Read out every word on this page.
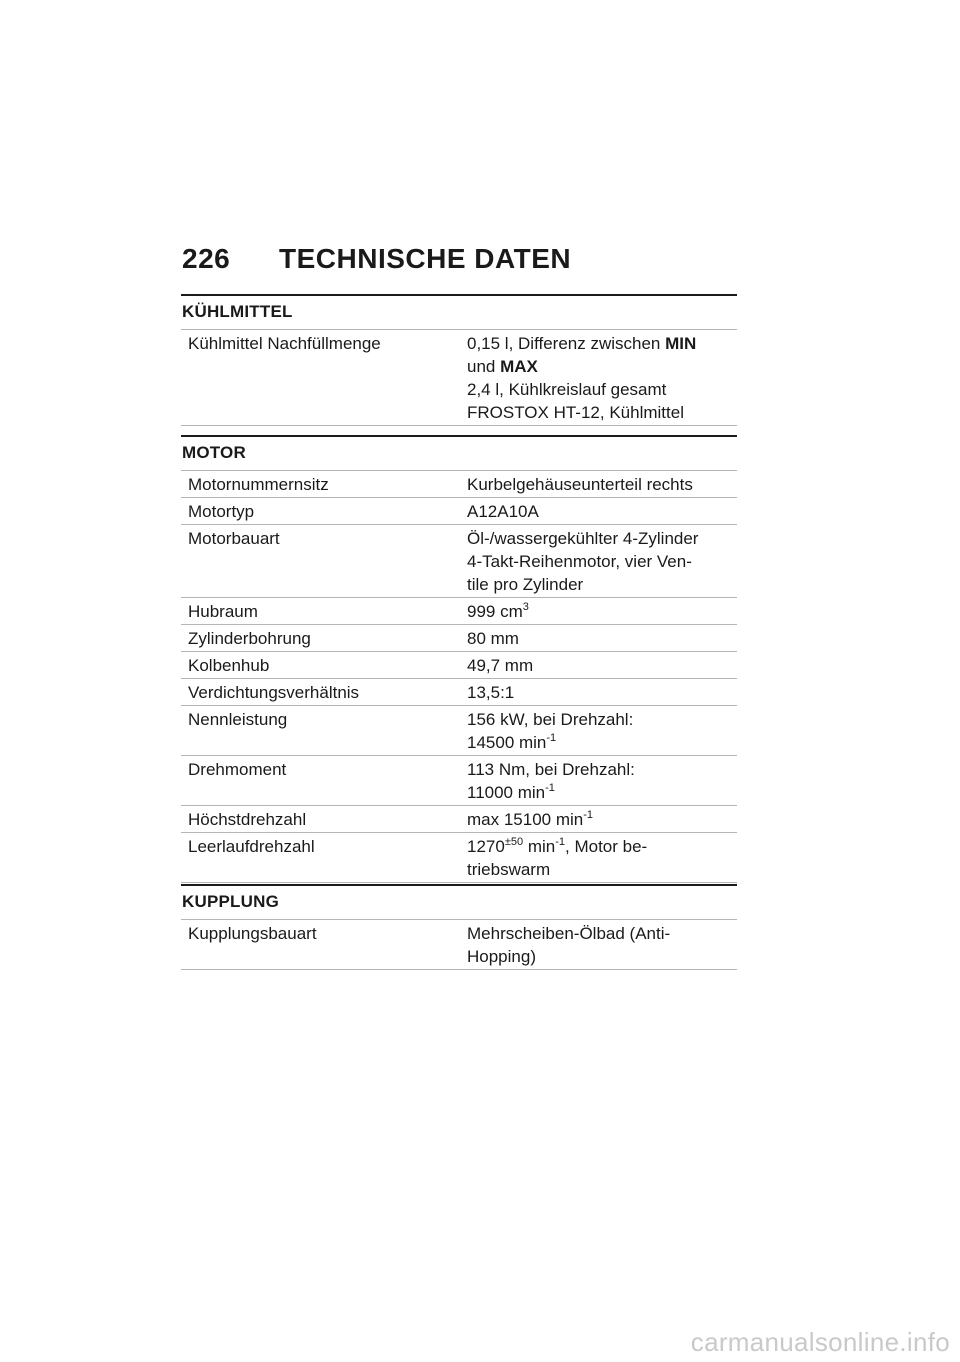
226 TECHNISCHE DATEN
KÜHLMITTEL
Kühlmittel Nachfüllmenge	0,15 l, Differenz zwischen MIN
und MAX
2,4 l, Kühlkreislauf gesamt
FROSTOX HT-12, Kühlmittel
MOTOR
Motornummernsitz	Kurbelgehäuseunterteil rechts
Motortyp	A12A10A
Motorbauart	Öl-/wassergekühlter 4-Zylinder
4-Takt-Reihenmotor, vier Ven-
tile pro Zylinder
Hubraum	999 $cm^3$
Zylinderbohrung	80 mm
Kolbenhub	49,7 mm
Verdichtungsverhältnis	13,5:1
Nennleistung	156 kW, bei Drehzahl:
14500 $\min^{-1}$
Drehmoment	113 Nm, bei Drehzahl:
11000 $\min^{-1}$
Höchstdrehzahl	max 15100 $\min^{-1}$
Leerlaufdrehzahl	$1270^{\pm 50}$ $\min^{-1}$, Motor be-
triebswarm
KUPPLUNG
Kupplungsbauart	Mehrscheiben-Ölbad (Anti-
Hopping)
carmanualsonline.info
